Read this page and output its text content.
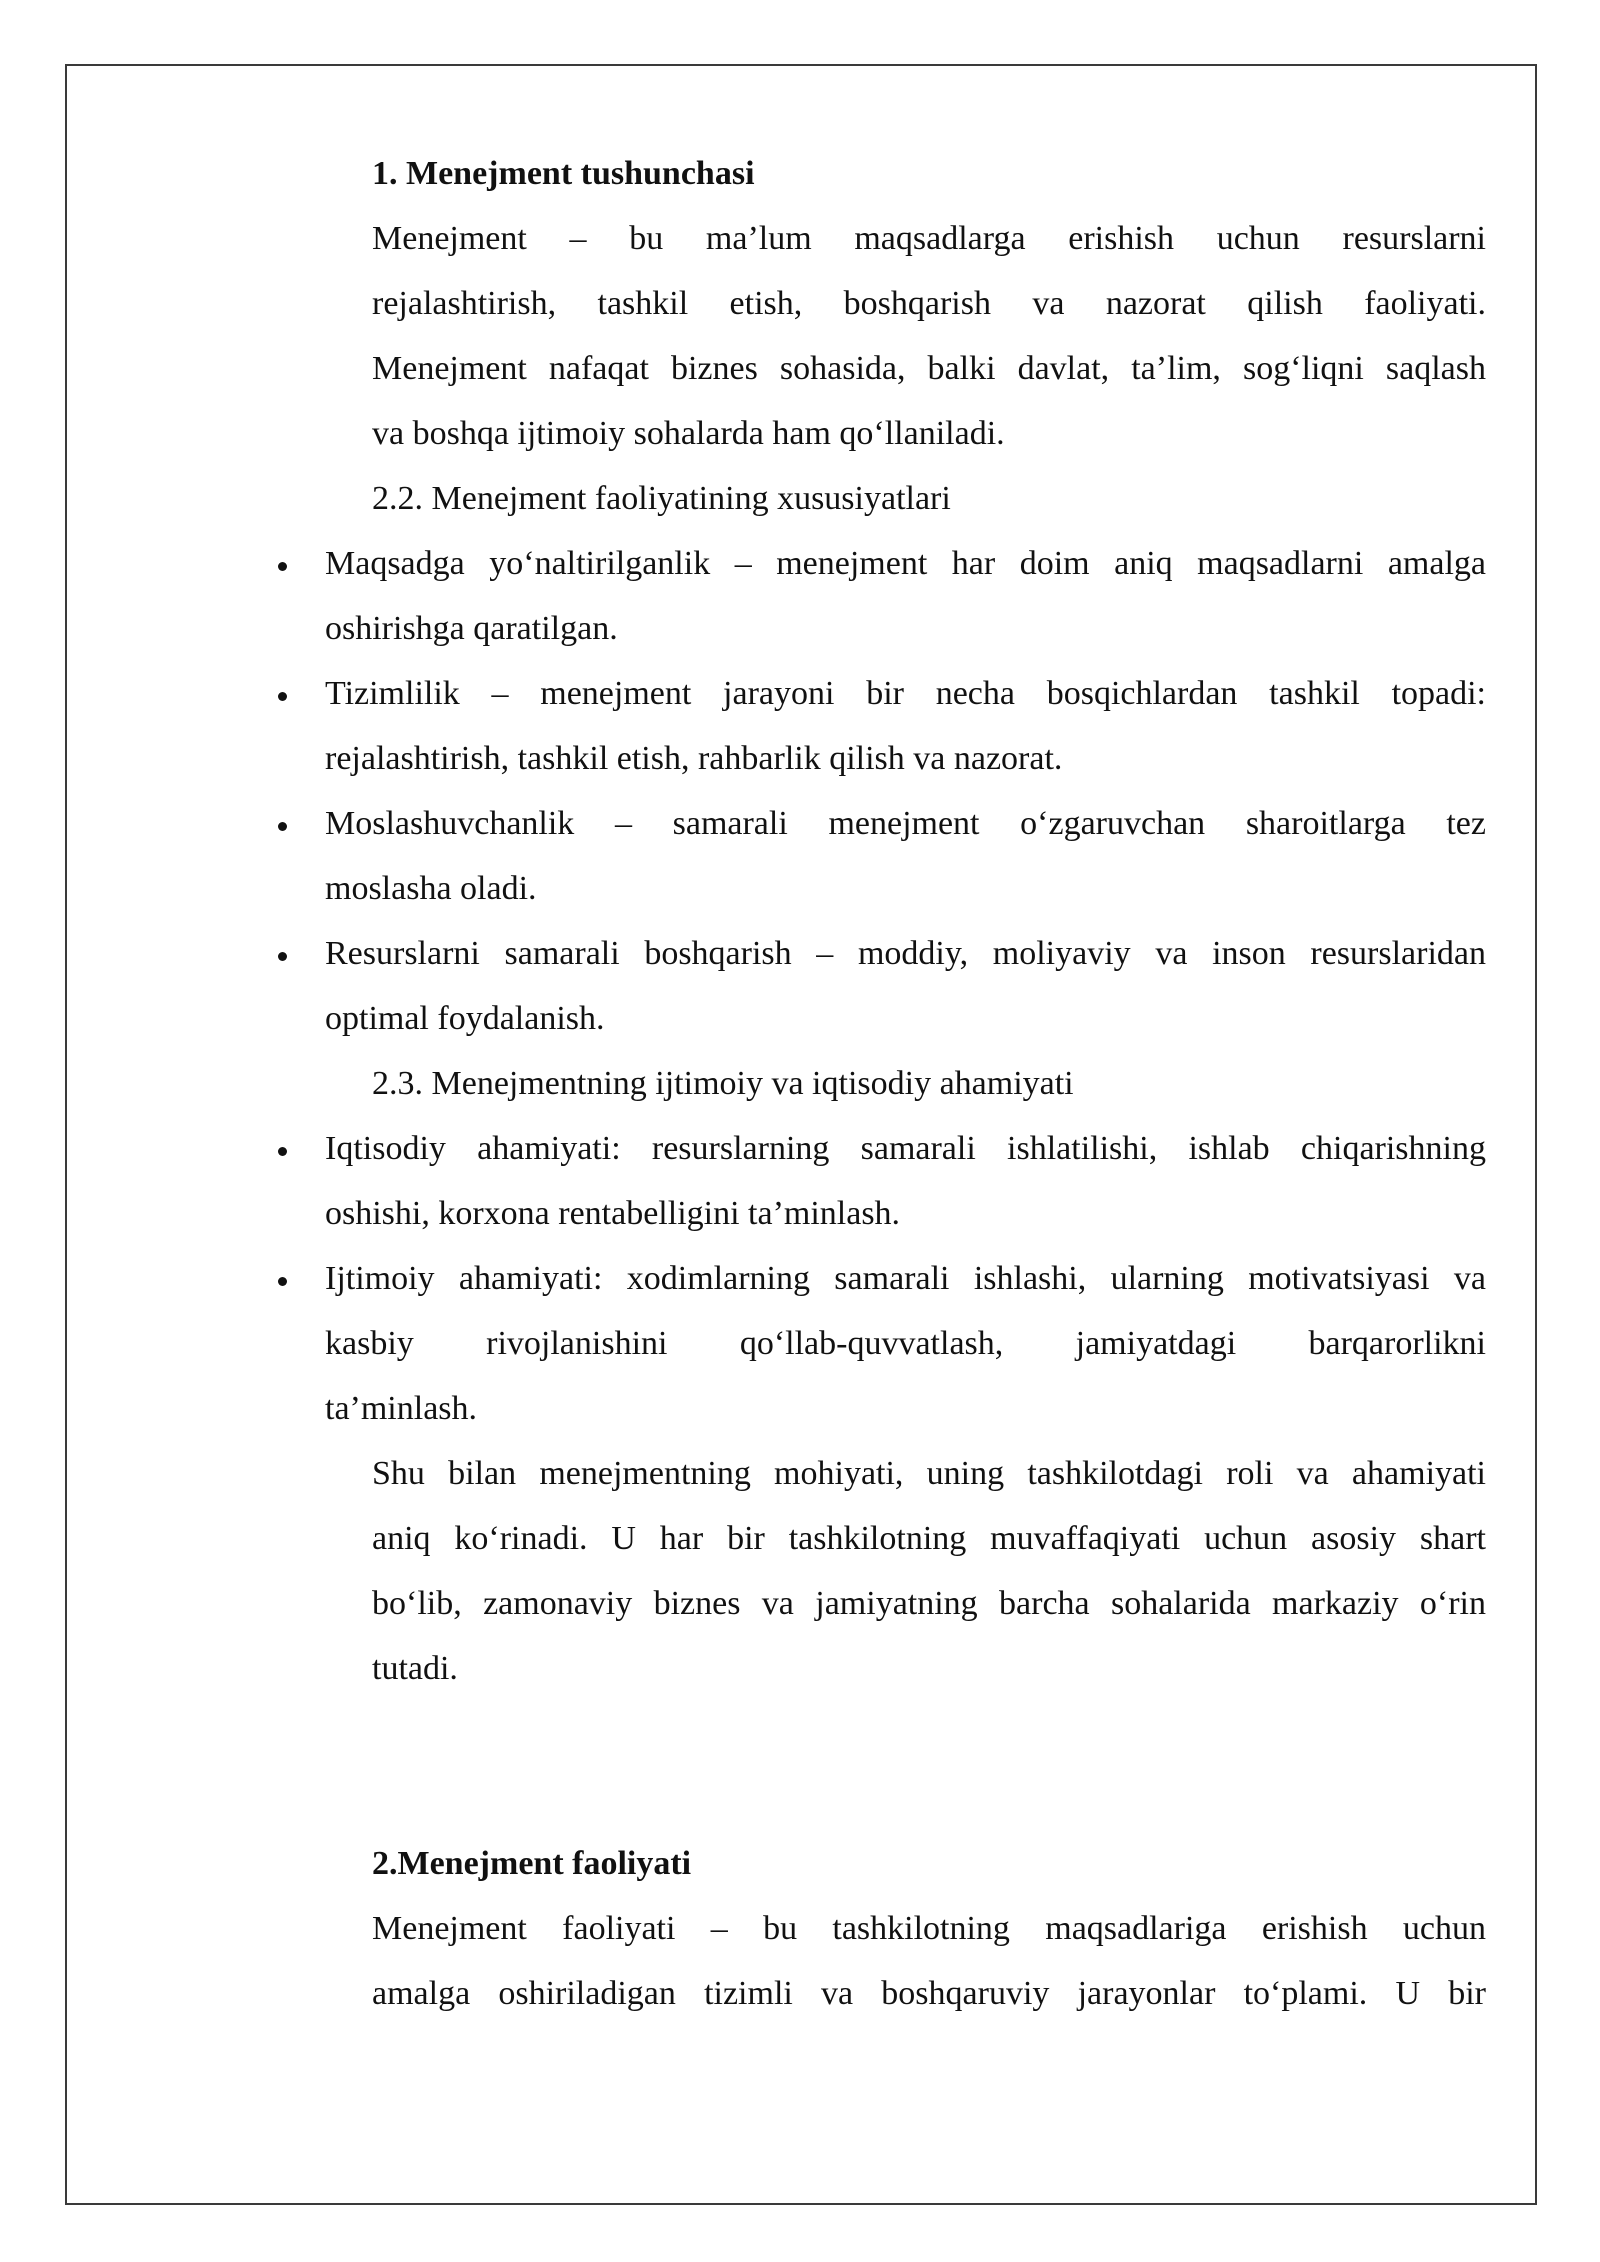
1. Menejment tushunchasi
Menejment – bu ma’lum maqsadlarga erishish uchun resurslarni
rejalashtirish, tashkil etish, boshqarish va nazorat qilish faoliyati.
Menejment nafaqat biznes sohasida, balki davlat, ta’lim, sog‘liqni saqlash
va boshqa ijtimoiy sohalarda ham qo‘llaniladi.
2.2. Menejment faoliyatining xususiyatlari
Maqsadga yo‘naltirilganlik – menejment har doim aniq maqsadlarni amalga
oshirishga qaratilgan.
Tizimlilik – menejment jarayoni bir necha bosqichlardan tashkil topadi:
rejalashtirish, tashkil etish, rahbarlik qilish va nazorat.
Moslashuvchanlik – samarali menejment o‘zgaruvchan sharoitlarga tez
moslasha oladi.
Resurslarni samarali boshqarish – moddiy, moliyaviy va inson resurslaridan
optimal foydalanish.
2.3. Menejmentning ijtimoiy va iqtisodiy ahamiyati
Iqtisodiy ahamiyati: resurslarning samarali ishlatilishi, ishlab chiqarishning
oshishi, korxona rentabelligini ta’minlash.
Ijtimoiy ahamiyati: xodimlarning samarali ishlashi, ularning motivatsiyasi va
kasbiy rivojlanishini qo‘llab-quvvatlash, jamiyatdagi barqarorlikni
ta’minlash.
Shu bilan menejmentning mohiyati, uning tashkilotdagi roli va ahamiyati
aniq ko‘rinadi. U har bir tashkilotning muvaffaqiyati uchun asosiy shart
bo‘lib, zamonaviy biznes va jamiyatning barcha sohalarida markaziy o‘rin
tutadi.
2.Menejment faoliyati
Menejment faoliyati – bu tashkilotning maqsadlariga erishish uchun
amalga oshiriladigan tizimli va boshqaruviy jarayonlar to‘plami. U bir
